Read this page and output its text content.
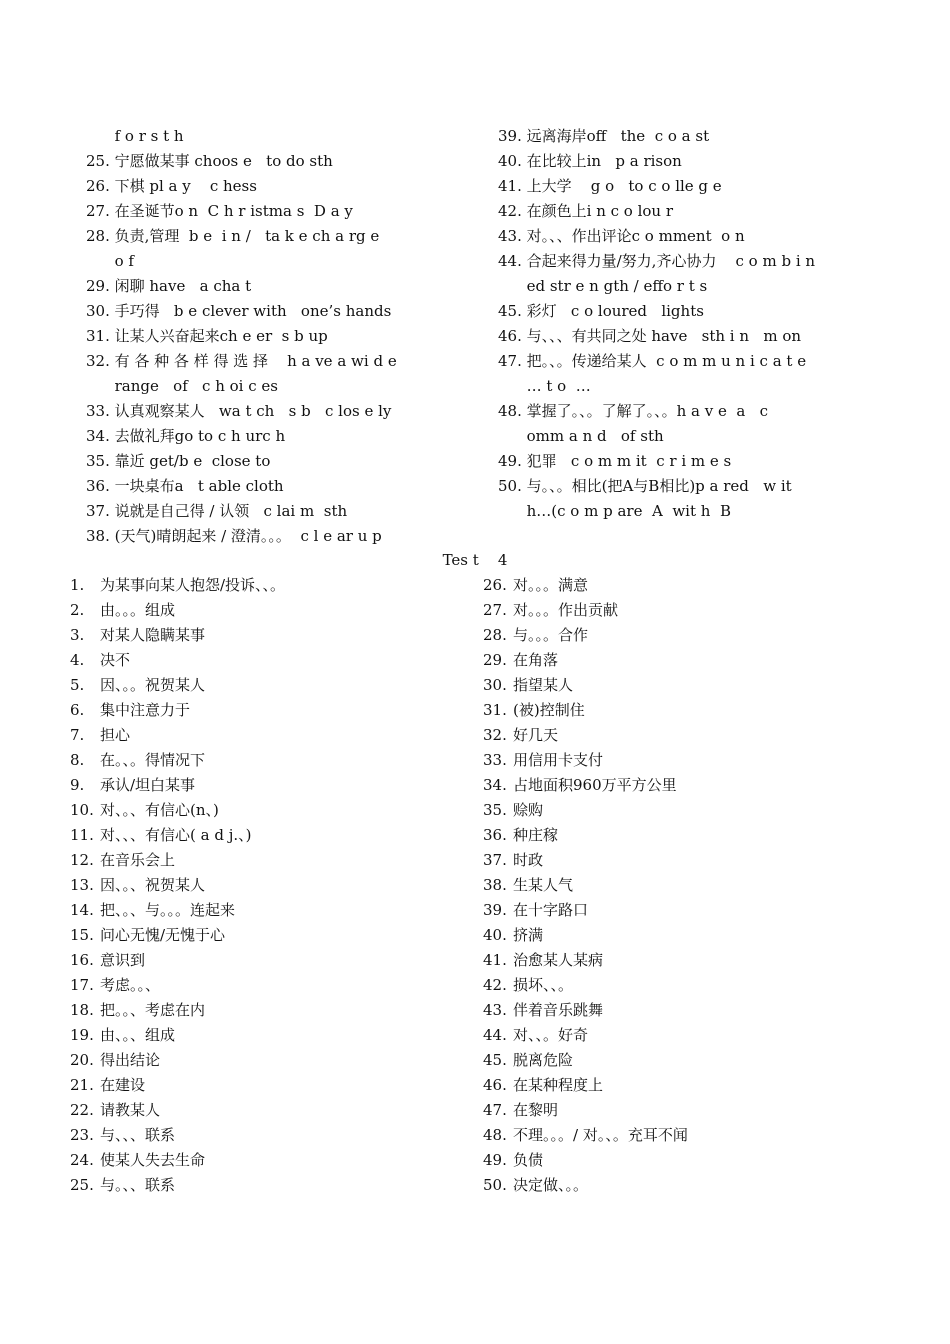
f o r s t h
25. 宁愿做某事 choos e   to do sth
26. 下棋 pl a y    c hess
27. 在圣诞节o n  C h r istma s  D a y
28. 负责,管理  b e  i n /   ta k e ch a rg e
o f
29. 闲聊 have   a cha t
30. 手巧得   b e clever with   one’s hands
31. 让某人兴奋起来ch e er  s b up
32. 有 各 种 各 样 得 选 择    h a ve a wi d e
range   of   c h oi c es
33. 认真观察某人   wa t ch   s b   c los e ly
34. 去做礼拜go to c h urc h
35. 靠近 get/b e  close to
36. 一块桌布a   t able cloth
37. 说就是自己得 / 认领   c lai m  sth
38. (天气)晴朗起来 / 澄清。。。  c l e ar u p
39. 远离海岸off   the  c o a st
40. 在比较上in   p a rison
41. 上大学    g o   to c o lle g e
42. 在颜色上i n c o lou r
43. 对。、、作出评论c o mment  o n
44. 合起来得力量/努力,齐心协力    c o m b i n
ed str e n gth / effo r t s
45. 彩灯   c o loured   lights
46. 与、、、有共同之处 have   sth i n   m on
47. 把。、。传递给某人  c o m m u n i c a t e
… t o  …
48. 掌握了。、。了解了。、。h a v e  a   c
omm a n d   of sth
49. 犯罪   c o m m it  c r i m e s
50. 与。、。相比(把A与B相比)p a red   w it
h…(c o m p are  A  wit h  B
Tes t    4
1.	为某事向某人抱怨/投诉、、。
2.	由。。。组成
3.	对某人隐瞒某事
4.	决不
5.	因、。。祝贺某人
6.	集中注意力于
7.	担心
8.	在。、。得情况下
9.	承认/坦白某事
10. 对、。、有信心(n、)
11. 对、、、有信心( a d j.、)
12. 在音乐会上
13. 因、。、祝贺某人
14. 把、。、与。。。连起来
15. 问心无愧/无愧于心
16. 意识到
17. 考虑。。、
18. 把。。、考虑在内
19. 由、。、组成
20. 得出结论
21. 在建设
22. 请教某人
23. 与、、、联系
24. 使某人失去生命
25. 与。、、联系
26. 对。。。满意
27. 对。。。作出贡献
28. 与。。。合作
29. 在角落
30. 指望某人
31. (被)控制住
32. 好几天
33. 用信用卡支付
34. 占地面积960万平方公里
35. 赊购
36. 种庄稼
37. 时政
38. 生某人气
39. 在十字路口
40. 挤满
41. 治愈某人某病
42. 损坏、、。
43. 伴着音乐跳舞
44. 对、、。好奇
45. 脱离危险
46. 在某种程度上
47. 在黎明
48. 不理。。。/ 对。、。充耳不闻
49. 负债
50. 决定做、。。
